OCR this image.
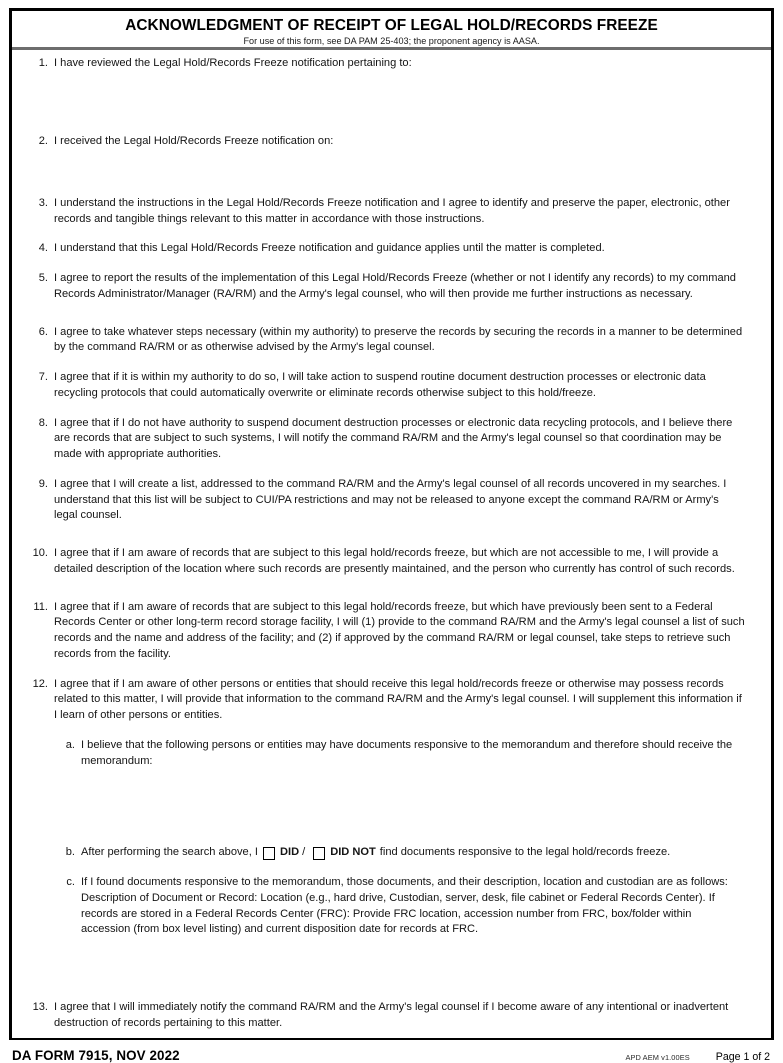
ACKNOWLEDGMENT OF RECEIPT OF LEGAL HOLD/RECORDS FREEZE
For use of this form, see DA PAM 25-403; the proponent agency is AASA.
1. I have reviewed the Legal Hold/Records Freeze notification pertaining to:
2. I received the Legal Hold/Records Freeze notification on:
3. I understand the instructions in the Legal Hold/Records Freeze notification and I agree to identify and preserve the paper, electronic, other records and tangible things relevant to this matter in accordance with those instructions.
4. I understand that this Legal Hold/Records Freeze notification and guidance applies until the matter is completed.
5. I agree to report the results of the implementation of this Legal Hold/Records Freeze (whether or not I identify any records) to my command Records Administrator/Manager (RA/RM) and the Army's legal counsel, who will then provide me further instructions as necessary.
6. I agree to take whatever steps necessary (within my authority) to preserve the records by securing the records in a manner to be determined by the command RA/RM or as otherwise advised by the Army's legal counsel.
7. I agree that if it is within my authority to do so, I will take action to suspend routine document destruction processes or electronic data recycling protocols that could automatically overwrite or eliminate records otherwise subject to this hold/freeze.
8. I agree that if I do not have authority to suspend document destruction processes or electronic data recycling protocols, and I believe there are records that are subject to such systems, I will notify the command RA/RM and the Army's legal counsel so that coordination may be made with appropriate authorities.
9. I agree that I will create a list, addressed to the command RA/RM and the Army's legal counsel of all records uncovered in my searches. I understand that this list will be subject to CUI/PA restrictions and may not be released to anyone except the command RA/RM or Army's legal counsel.
10. I agree that if I am aware of records that are subject to this legal hold/records freeze, but which are not accessible to me, I will provide a detailed description of the location where such records are presently maintained, and the person who currently has control of such records.
11. I agree that if I am aware of records that are subject to this legal hold/records freeze, but which have previously been sent to a Federal Records Center or other long-term record storage facility, I will (1) provide to the command RA/RM and the Army's legal counsel a list of such records and the name and address of the facility; and (2) if approved by the command RA/RM or legal counsel, take steps to retrieve such records from the facility.
12. I agree that if I am aware of other persons or entities that should receive this legal hold/records freeze or otherwise may possess records related to this matter, I will provide that information to the command RA/RM and the Army's legal counsel. I will supplement this information if I learn of other persons or entities.
a. I believe that the following persons or entities may have documents responsive to the memorandum and therefore should receive the memorandum:
b. After performing the search above, I DID / DID NOT find documents responsive to the legal hold/records freeze.
c. If I found documents responsive to the memorandum, those documents, and their description, location and custodian are as follows: Description of Document or Record: Location (e.g., hard drive, Custodian, server, desk, file cabinet or Federal Records Center). If records are stored in a Federal Records Center (FRC): Provide FRC location, accession number from FRC, box/folder within accession (from box level listing) and current disposition date for records at FRC.
13. I agree that I will immediately notify the command RA/RM and the Army's legal counsel if I become aware of any intentional or inadvertent destruction of records pertaining to this matter.
DA FORM 7915, NOV 2022	APD AEM v1.00ES Page 1 of 2
